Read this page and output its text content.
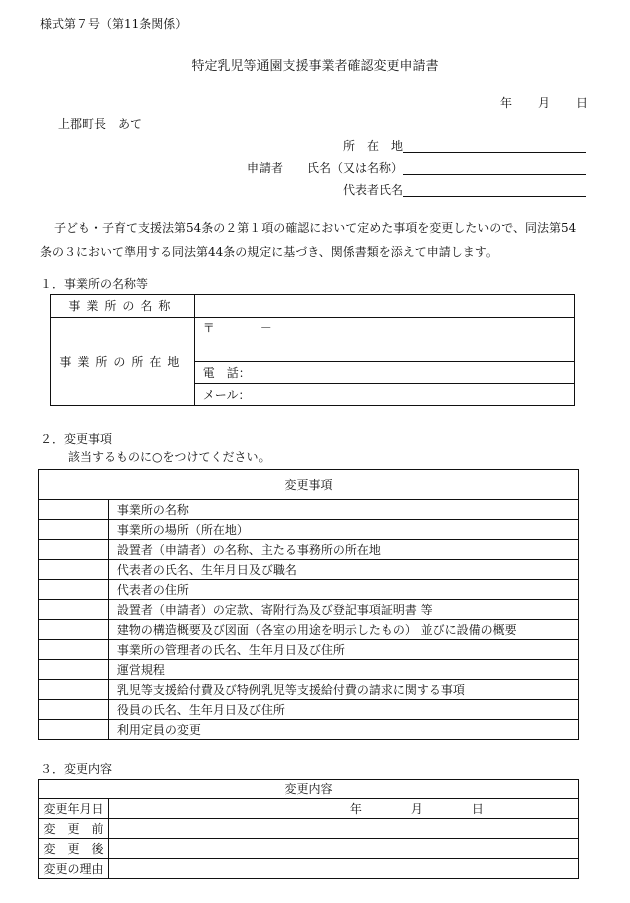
様式第７号（第11条関係）
特定乳児等通園支援事業者確認変更申請書
年 月 日
上郡町長　あて
所　在　地
申請者 氏名（又は名称）
代表者氏名
子ども・子育て支援法第54条の２第１項の確認において定めた事項を変更したいので、同法第54条の３において準用する同法第44条の規定に基づき、関係書類を添えて申請します。
１．事業所の名称等
事業所の名称	
事業所の所在地	〒 －

	電　話：
	メール：
２．変更事項
該当するものに○をつけてください。
変更事項	
	事業所の名称
	事業所の場所（所在地）
	設置者（申請者）の名称、主たる事務所の所在地
	代表者の氏名、生年月日及び職名
	代表者の住所
	設置者（申請者）の定款、寄附行為及び登記事項証明書 等
	建物の構造概要及び図面（各室の用途を明示したもの） 並びに設備の概要
	事業所の管理者の氏名、生年月日及び住所
	運営規程
	乳児等支援給付費及び特例乳児等支援給付費の請求に関する事項
	役員の氏名、生年月日及び住所
	利用定員の変更
３．変更内容
変更内容	
変更年月日	年 月 日

変　更　前	
変　更　後	
変更の理由	
